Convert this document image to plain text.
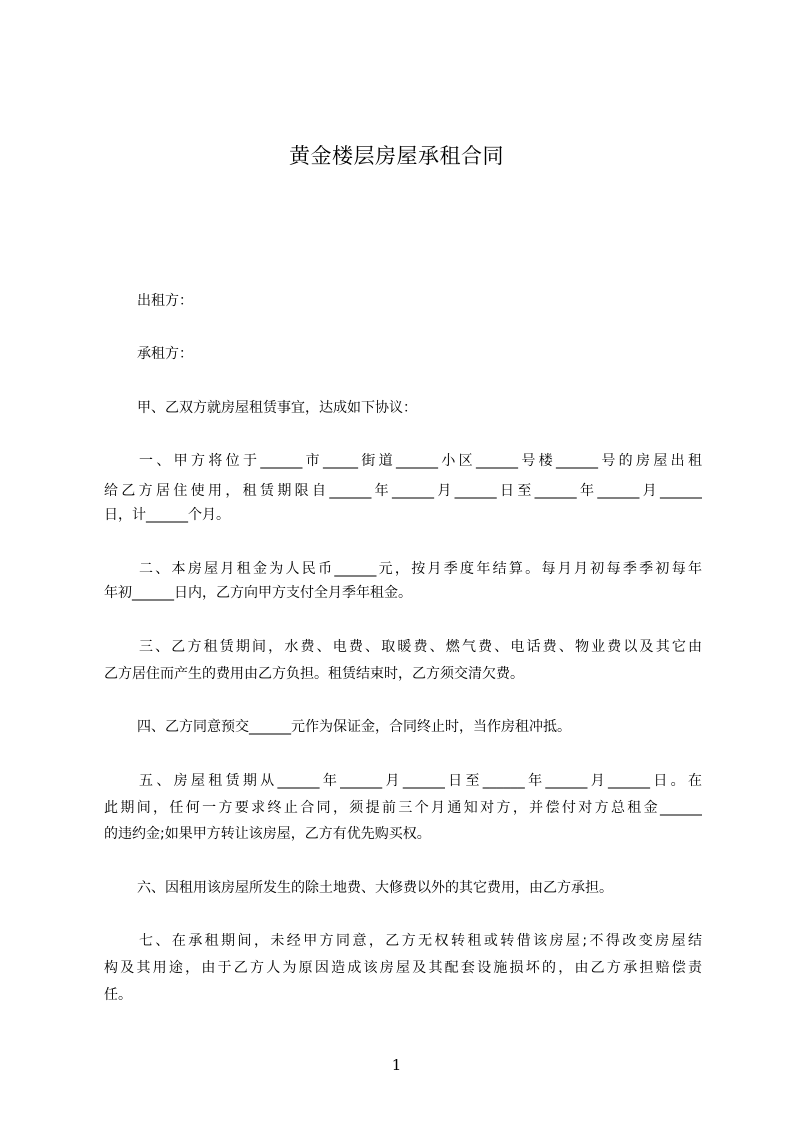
黄金楼层房屋承租合同
出租方：
承租方：
甲、乙双方就房屋租赁事宜，达成如下协议：
一、甲方将位于______市_____街道______小区______号楼______号的房屋出租
给乙方居住使用，租赁期限自______年______月______日至______年______月______
日，计______个月。
二、本房屋月租金为人民币______元，按月季度年结算。每月月初每季季初每年
年初______日内，乙方向甲方支付全月季年租金。
三、乙方租赁期间，水费、电费、取暖费、燃气费、电话费、物业费以及其它由
乙方居住而产生的费用由乙方负担。租赁结束时，乙方须交清欠费。
四、乙方同意预交______元作为保证金，合同终止时，当作房租冲抵。
五、房屋租赁期从______年______月______日至______年______月______日。在
此期间，任何一方要求终止合同，须提前三个月通知对方，并偿付对方总租金______
的违约金;如果甲方转让该房屋，乙方有优先购买权。
六、因租用该房屋所发生的除土地费、大修费以外的其它费用，由乙方承担。
七、在承租期间，未经甲方同意，乙方无权转租或转借该房屋;不得改变房屋结
构及其用途，由于乙方人为原因造成该房屋及其配套设施损坏的，由乙方承担赔偿责
任。
1
